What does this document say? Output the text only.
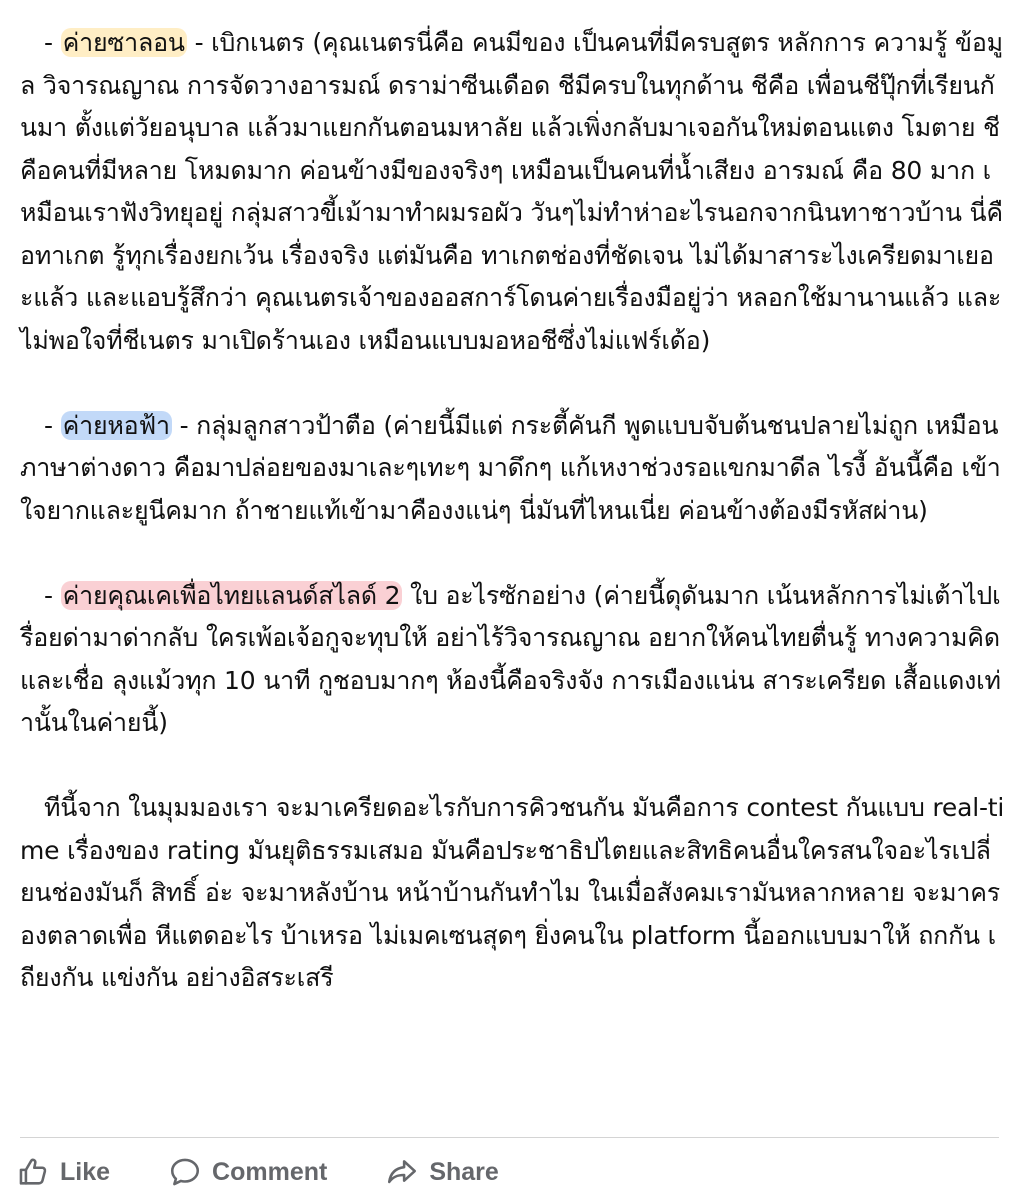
- ค่ายซาลอน - เบิกเนตร (คุณเนตรนี่คือ คนมีของ เป็นคนที่มีครบสูตร หลักการ ความรู้ ข้อมูล วิจารณญาณ การจัดวางอารมณ์ ดราม่าซีนเดือด ชีมีครบในทุกด้าน ชีคือ เพื่อนชีปุ๊กที่เรียนกันมา ตั้งแต่วัยอนุบาล แล้วมาแยกกันตอนมหาลัย แล้วเพิ่งกลับมาเจอกันใหม่ตอนแตง โมตาย ชีคือคนที่มีหลาย โหมดมาก ค่อนข้างมีของจริงๆ เหมือนเป็นคนที่น้ำเสียง อารมณ์ คือ 80 มาก เหมือนเราฟังวิทยุอยู่ กลุ่มสาวขี้เม้ามาทำผมรอผัว วันๆไม่ทำห่าอะไรนอกจากนินทาชาวบ้าน นี่คือทาเกต รู้ทุกเรื่องยกเว้น เรื่องจริง แต่มันคือ ทาเกตช่องที่ชัดเจน ไม่ได้มาสาระไงเครียดมาเยอะแล้ว และแอบรู้สึกว่า คุณเนตรเจ้าของออสการ์โดนค่ายเรื่องมือยู่ว่า หลอกใช้มานานแล้ว และไม่พอใจที่ชีเนตร มาเปิดร้านเอง เหมือนแบบมอหอชีซึ่งไม่แฟร์เด้อ)

- ค่ายหอฟ้า - กลุ่มลูกสาวป้าตือ (ค่ายนี้มีแต่ กระตี้คันกี พูดแบบจับต้นชนปลายไม่ถูก เหมือนภาษาต่างดาว คือมาปล่อยของมาเละๆเทะๆ มาดึกๆ แก้เหงาช่วงรอแขกมาดีล ไรงี้ อันนี้คือ เข้าใจยากและยูนีคมาก ถ้าชายแท้เข้ามาคืองงแน่ๆ นี่มันที่ไหนเนี่ย ค่อนข้างต้องมีรหัสผ่าน)

- ค่ายคุณเคเพื่อไทยแลนด์สไลด์ 2 ใบ อะไรซักอย่าง (ค่ายนี้ดุดันมาก เน้นหลักการไม่เต้าไปเรื่อยด่ามาด่ากลับ ใครเพ้อเจ้อกูจะทุบให้ อย่าไร้วิจารณญาณ อยากให้คนไทยตื่นรู้ ทางความคิด และเชื่อ ลุงแม้วทุก 10 นาที กูชอบมากๆ ห้องนี้คือจริงจัง การเมืองแน่น สาระเครียด เสื้อแดงเท่านั้นในค่ายนี้)

ทีนี้จาก ในมุมมองเรา จะมาเครียดอะไรกับการคิวชนกัน มันคือการ contest กันแบบ real-time เรื่องของ rating มันยุติธรรมเสมอ มันคือประชาธิปไตยและสิทธิคนอื่นใครสนใจอะไรเปลี่ยนช่องมันก็ สิทธิ์ อ่ะ จะมาหลังบ้าน หน้าบ้านกันทำไม ในเมื่อสังคมเรามันหลากหลาย จะมาครองตลาดเพื่อ หีแตดอะไร บ้าเหรอ ไม่เมคเซนสุดๆ ยิ่งคนใน platform นี้ออกแบบมาให้ ถกกัน เถียงกัน แข่งกัน อย่างอิสระเสรี

Like	Comment	Share
